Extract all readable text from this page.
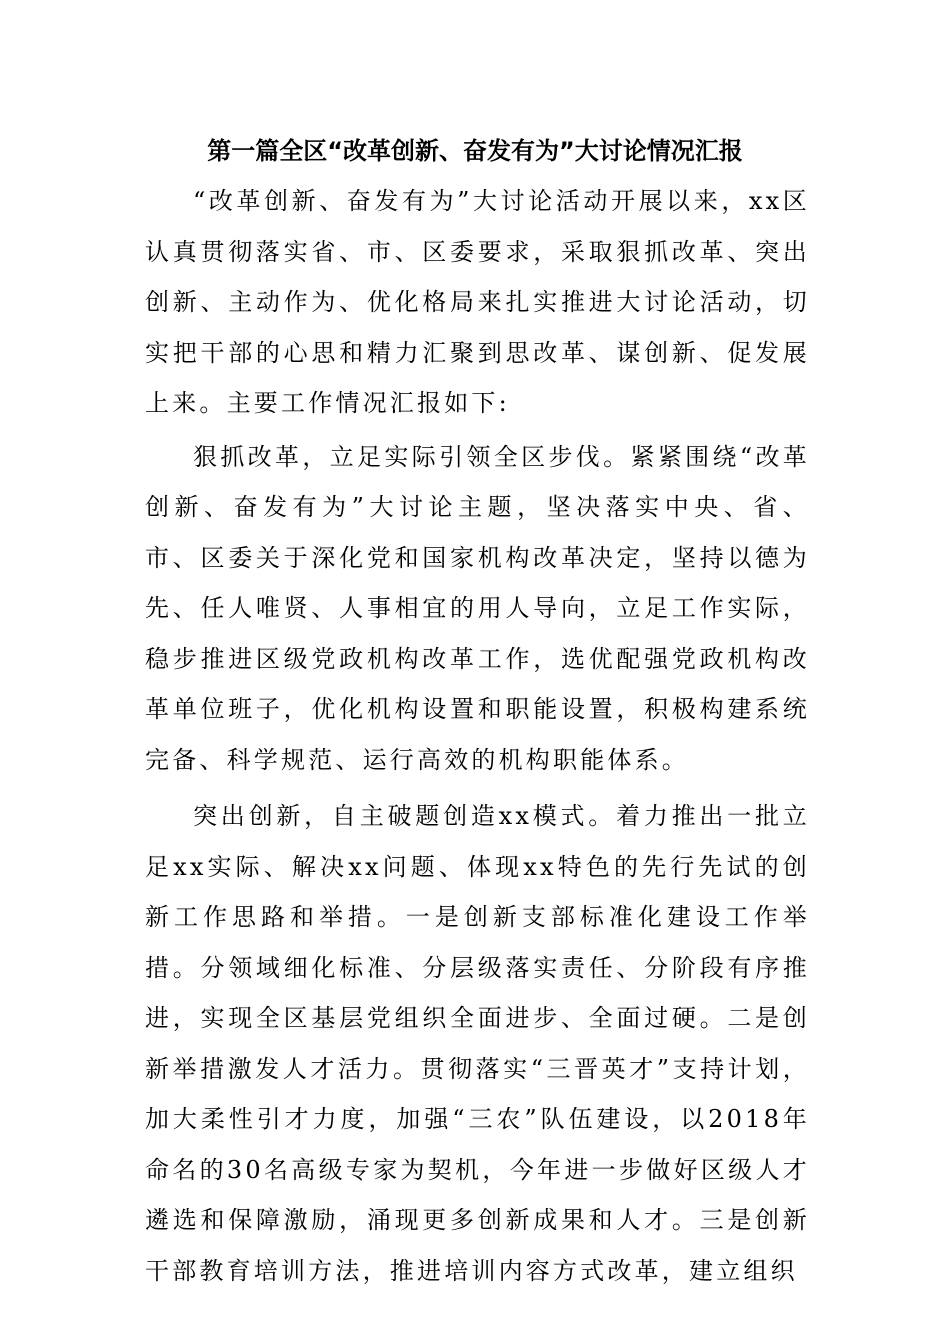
第一篇全区“改革创新、奋发有为”大讨论情况汇报

“改革创新、奋发有为”大讨论活动开展以来，xx区认真贯彻落实省、市、区委要求，采取狠抓改革、突出创新、主动作为、优化格局来扎实推进大讨论活动，切实把干部的心思和精力汇聚到思改革、谋创新、促发展上来。主要工作情况汇报如下:

狠抓改革，立足实际引领全区步伐。紧紧围绕“改革创新、奋发有为”大讨论主题，坚决落实中央、省、市、区委关于深化党和国家机构改革决定，坚持以德为先、任人唯贤、人事相宜的用人导向，立足工作实际，稳步推进区级党政机构改革工作，选优配强党政机构改革单位班子，优化机构设置和职能设置，积极构建系统完备、科学规范、运行高效的机构职能体系。

突出创新，自主破题创造xx模式。着力推出一批立足xx实际、解决xx问题、体现xx特色的先行先试的创新工作思路和举措。一是创新支部标准化建设工作举措。分领域细化标准、分层级落实责任、分阶段有序推进，实现全区基层党组织全面进步、全面过硬。二是创新举措激发人才活力。贯彻落实“三晋英才”支持计划，加大柔性引才力度，加强“三农”队伍建设，以2018年命名的30名高级专家为契机，今年进一步做好区级人才遴选和保障激励，涌现更多创新成果和人才。三是创新干部教育培训方法，推进培训内容方式改革，建立组织
